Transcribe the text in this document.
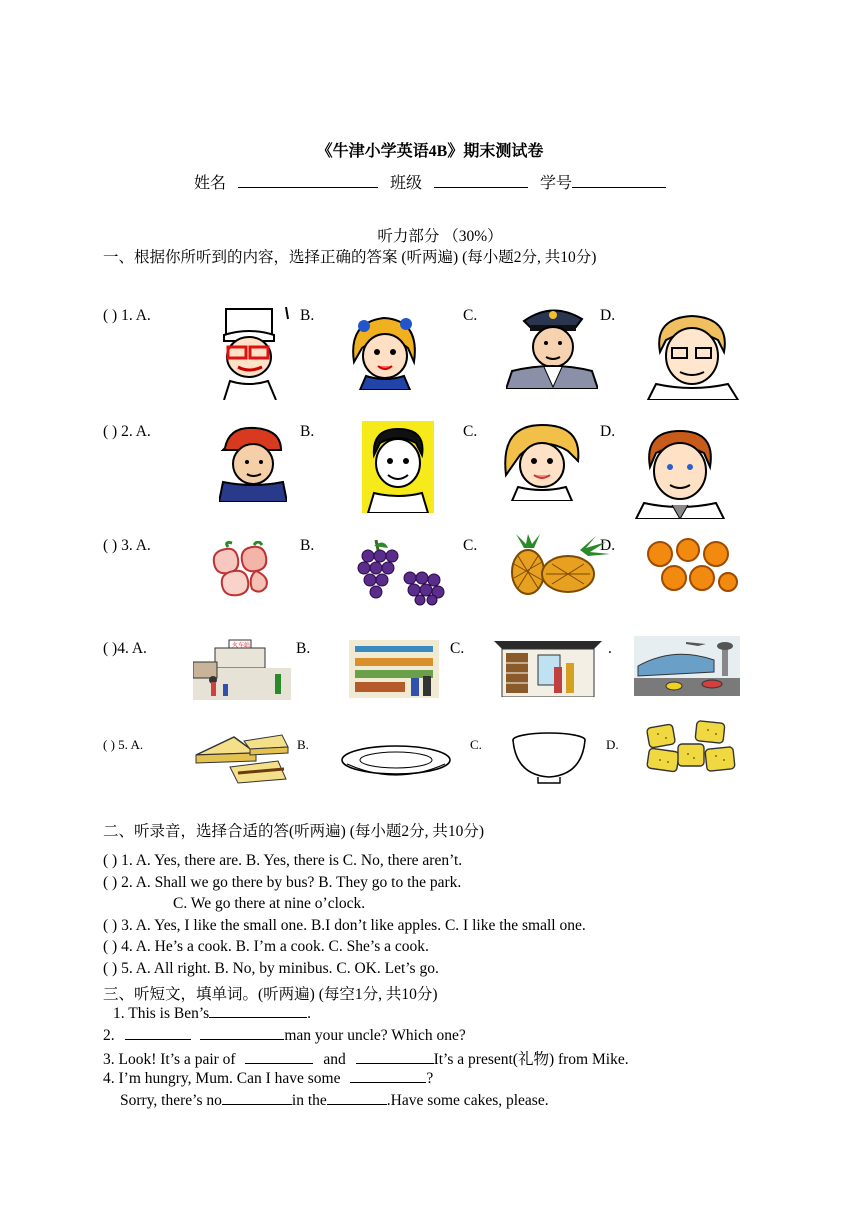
《牛津小学英语4B》期末测试卷
姓名	班级	学号
听力部分 （30%）
一、根据你所听到的内容，选择正确的答案 (听两遍) (每小题2分, 共10分)
( ) 1. A.	B.	C.	D.
( ) 2. A.	B.	C.	D.
( ) 3. A.	B.	C.	D.
( )4. A.	B.	C.	.
( ) 5. A.	B.	C.	D.
火车站
二、听录音，选择合适的答(听两遍) (每小题2分, 共10分)
( ) 1. A. Yes, there are. B. Yes, there is C. No, there aren’t.
( ) 2. A. Shall we go there by bus? B. They go to the park.
C. We go there at nine o’clock.
( ) 3. A. Yes, I like the small one. B.I don’t like apples. C. I like the small one.
( ) 4. A. He’s a cook. B. I’m a cook. C. She’s a cook.
( ) 5. A. All right. B. No, by minibus. C. OK. Let’s go.
三、听短文，填单词。(听两遍) (每空1分, 共10分)
1. This is Ben’s	.
2.	man your uncle? Which one?
3. Look! It’s a pair of	and	It’s a present(礼物) from Mike.
4. I’m hungry, Mum. Can I have some	?
Sorry, there’s no	in the	.Have some cakes, please.
